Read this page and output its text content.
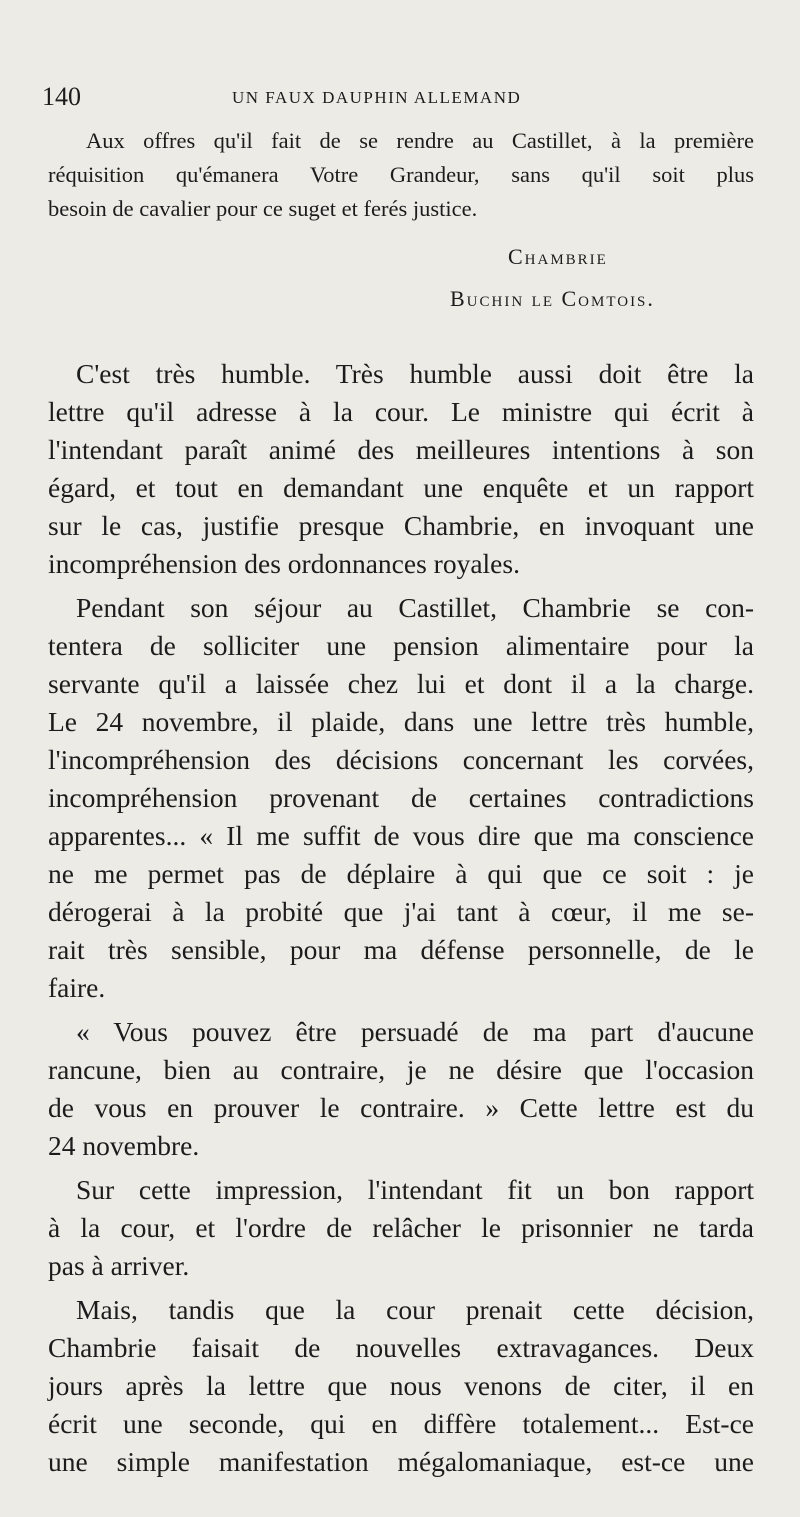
140	UN FAUX DAUPHIN ALLEMAND
Aux offres qu'il fait de se rendre au Castillet, à la première
réquisition qu'émanera Votre Grandeur, sans qu'il soit plus
besoin de cavalier pour ce suget et ferés justice.
Chambrie
Buchin le Comtois.
C'est très humble. Très humble aussi doit être la
lettre qu'il adresse à la cour. Le ministre qui écrit à
l'intendant paraît animé des meilleures intentions à son
égard, et tout en demandant une enquête et un rapport
sur le cas, justifie presque Chambrie, en invoquant une
incompréhension des ordonnances royales.
Pendant son séjour au Castillet, Chambrie se con-
tentera de solliciter une pension alimentaire pour la
servante qu'il a laissée chez lui et dont il a la charge.
Le 24 novembre, il plaide, dans une lettre très humble,
l'incompréhension des décisions concernant les corvées,
incompréhension provenant de certaines contradictions
apparentes... « Il me suffit de vous dire que ma conscience
ne me permet pas de déplaire à qui que ce soit : je
dérogerai à la probité que j'ai tant à cœur, il me se-
rait très sensible, pour ma défense personnelle, de le
faire.
« Vous pouvez être persuadé de ma part d'aucune
rancune, bien au contraire, je ne désire que l'occasion
de vous en prouver le contraire. » Cette lettre est du
24 novembre.
Sur cette impression, l'intendant fit un bon rapport
à la cour, et l'ordre de relâcher le prisonnier ne tarda
pas à arriver.
Mais, tandis que la cour prenait cette décision,
Chambrie faisait de nouvelles extravagances. Deux
jours après la lettre que nous venons de citer, il en
écrit une seconde, qui en diffère totalement... Est-ce
une simple manifestation mégalomaniaque, est-ce une
